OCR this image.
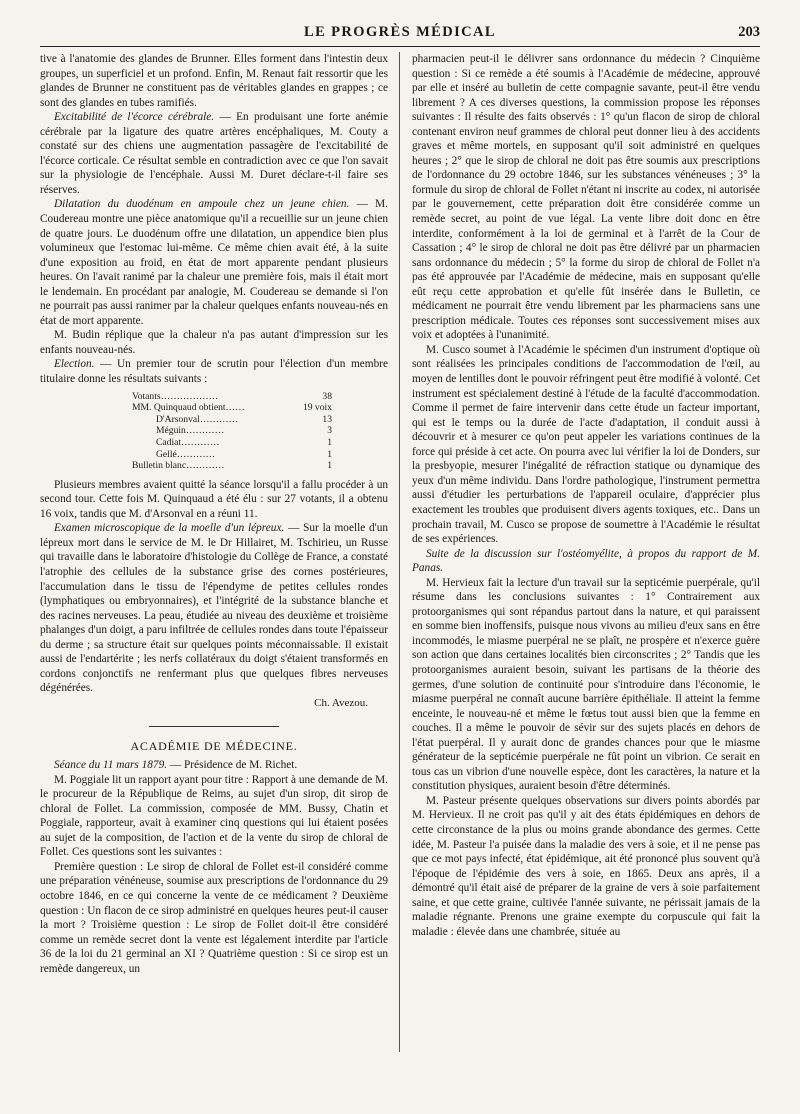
LE PROGRÈS MÉDICAL	203

tive à l'anatomie des glandes de Brunner. Elles forment dans l'intestin deux groupes, un superficiel et un profond. Enfin, M. Renaut fait ressortir que les glandes de Brunner ne constituent pas de véritables glandes en grappes ; ce sont des glandes en tubes ramifiés.

Excitabilité de l'écorce cérébrale. — En produisant une forte anémie cérébrale par la ligature des quatre artères encéphaliques, M. Couty a constaté sur des chiens une augmentation passagère de l'excitabilité de l'écorce corticale. Ce résultat semble en contradiction avec ce que l'on savait sur la physiologie de l'encéphale. Aussi M. Duret déclare-t-il faire ses réserves.

Dilatation du duodénum en ampoule chez un jeune chien. — M. Coudereau montre une pièce anatomique qu'il a recueillie sur un jeune chien de quatre jours. Le duodénum offre une dilatation, un appendice bien plus volumineux que l'estomac lui-même. Ce même chien avait été, à la suite d'une exposition au froid, en état de mort apparente pendant plusieurs heures. On l'avait ranimé par la chaleur une première fois, mais il était mort le lendemain. En procédant par analogie, M. Coudereau se demande si l'on ne pourrait pas aussi ranimer par la chaleur quelques enfants nouveau-nés en état de mort apparente.

M. Budin réplique que la chaleur n'a pas autant d'impression sur les enfants nouveau-nés.

Election. — Un premier tour de scrutin pour l'élection d'un membre titulaire donne les résultats suivants :

Votants………………	38
MM. Quinquaud obtient……	19 voix
D'Arsonval…………	13
Méguin…………	3
Cadiat…………	1
Gellé…………	1
Bulletin blanc…………	1

Plusieurs membres avaient quitté la séance lorsqu'il a fallu procéder à un second tour. Cette fois M. Quinquaud a été élu : sur 27 votants, il a obtenu 16 voix, tandis que M. d'Arsonval en a réuni 11.

Examen microscopique de la moelle d'un lépreux. — Sur la moelle d'un lépreux mort dans le service de M. le Dr Hillairet, M. Tschirieu, un Russe qui travaille dans le laboratoire d'histologie du Collège de France, a constaté l'atrophie des cellules de la substance grise des cornes postérieures, l'accumulation dans le tissu de l'épendyme de petites cellules rondes (lymphatiques ou embryonnaires), et l'intégrité de la substance blanche et des racines nerveuses. La peau, étudiée au niveau des deuxième et troisième phalanges d'un doigt, a paru infiltrée de cellules rondes dans toute l'épaisseur du derme ; sa structure était sur quelques points méconnaissable. Il existait aussi de l'endartérite ; les nerfs collatéraux du doigt s'étaient transformés en cordons conjonctifs ne renfermant plus que quelques fibres nerveuses dégénérées.

Ch. Avezou.

ACADÉMIE DE MÉDECINE.

Séance du 11 mars 1879. — Présidence de M. Richet.

M. Poggiale lit un rapport ayant pour titre : Rapport à une demande de M. le procureur de la République de Reims, au sujet d'un sirop, dit sirop de chloral de Follet. La commission, composée de MM. Bussy, Chatin et Poggiale, rapporteur, avait à examiner cinq questions qui lui étaient posées au sujet de la composition, de l'action et de la vente du sirop de chloral de Follet. Ces questions sont les suivantes :

Première question : Le sirop de chloral de Follet est-il considéré comme une préparation vénéneuse, soumise aux prescriptions de l'ordonnance du 29 octobre 1846, en ce qui concerne la vente de ce médicament ? Deuxième question : Un flacon de ce sirop administré en quelques heures peut-il causer la mort ? Troisième question : Le sirop de Follet doit-il être considéré comme un remède secret dont la vente est légalement interdite par l'article 36 de la loi du 21 germinal an XI ? Quatrième question : Si ce sirop est un remède dangereux, un

pharmacien peut-il le délivrer sans ordonnance du médecin ? Cinquième question : Si ce remède a été soumis à l'Académie de médecine, approuvé par elle et inséré au bulletin de cette compagnie savante, peut-il être vendu librement ? A ces diverses questions, la commission propose les réponses suivantes : Il résulte des faits observés : 1° qu'un flacon de sirop de chloral contenant environ neuf grammes de chloral peut donner lieu à des accidents graves et même mortels, en supposant qu'il soit administré en quelques heures ; 2° que le sirop de chloral ne doit pas être soumis aux prescriptions de l'ordonnance du 29 octobre 1846, sur les substances vénéneuses ; 3° la formule du sirop de chloral de Follet n'étant ni inscrite au codex, ni autorisée par le gouvernement, cette préparation doit être considérée comme un remède secret, au point de vue légal. La vente libre doit donc en être interdite, conformément à la loi de germinal et à l'arrêt de la Cour de Cassation ; 4° le sirop de chloral ne doit pas être délivré par un pharmacien sans ordonnance du médecin ; 5° la forme du sirop de chloral de Follet n'a pas été approuvée par l'Académie de médecine, mais en supposant qu'elle eût reçu cette approbation et qu'elle fût insérée dans le Bulletin, ce médicament ne pourrait être vendu librement par les pharmaciens sans une prescription médicale. Toutes ces réponses sont successivement mises aux voix et adoptées à l'unanimité.

M. Cusco soumet à l'Académie le spécimen d'un instrument d'optique où sont réalisées les principales conditions de l'accommodation de l'œil, au moyen de lentilles dont le pouvoir réfringent peut être modifié à volonté. Cet instrument est spécialement destiné à l'étude de la faculté d'accommodation. Comme il permet de faire intervenir dans cette étude un facteur important, qui est le temps ou la durée de l'acte d'adaptation, il conduit aussi à découvrir et à mesurer ce qu'on peut appeler les variations continues de la force qui préside à cet acte. On pourra avec lui vérifier la loi de Donders, sur la presbyopie, mesurer l'inégalité de réfraction statique ou dynamique des yeux d'un même individu. Dans l'ordre pathologique, l'instrument permettra aussi d'étudier les perturbations de l'appareil oculaire, d'apprécier plus exactement les troubles que produisent divers agents toxiques, etc.. Dans un prochain travail, M. Cusco se propose de soumettre à l'Académie le résultat de ses expériences.

Suite de la discussion sur l'ostéomyélite, à propos du rapport de M. Panas.

M. Hervieux fait la lecture d'un travail sur la septicémie puerpérale, qu'il résume dans les conclusions suivantes : 1° Contrairement aux protoorganismes qui sont répandus partout dans la nature, et qui paraissent en somme bien inoffensifs, puisque nous vivons au milieu d'eux sans en être incommodés, le miasme puerpéral ne se plaît, ne prospère et n'exerce guère son action que dans certaines localités bien circonscrites ; 2° Tandis que les protoorganismes auraient besoin, suivant les partisans de la théorie des germes, d'une solution de continuité pour s'introduire dans l'économie, le miasme puerpéral ne connaît aucune barrière épithéliale. Il atteint la femme enceinte, le nouveau-né et même le fœtus tout aussi bien que la femme en couches. Il a même le pouvoir de sévir sur des sujets placés en dehors de l'état puerpéral. Il y aurait donc de grandes chances pour que le miasme générateur de la septicémie puerpérale ne fût point un vibrion. Ce serait en tous cas un vibrion d'une nouvelle espèce, dont les caractères, la nature et la constitution physiques, auraient besoin d'être déterminés.

M. Pasteur présente quelques observations sur divers points abordés par M. Hervieux. Il ne croit pas qu'il y ait des états épidémiques en dehors de cette circonstance de la plus ou moins grande abondance des germes. Cette idée, M. Pasteur l'a puisée dans la maladie des vers à soie, et il ne pense pas que ce mot pays infecté, état épidémique, ait été prononcé plus souvent qu'à l'époque de l'épidémie des vers à soie, en 1865. Deux ans après, il a démontré qu'il était aisé de préparer de la graine de vers à soie parfaitement saine, et que cette graine, cultivée l'année suivante, ne périssait jamais de la maladie régnante. Prenons une graine exempte du corpuscule qui fait la maladie : élevée dans une chambrée, située au
